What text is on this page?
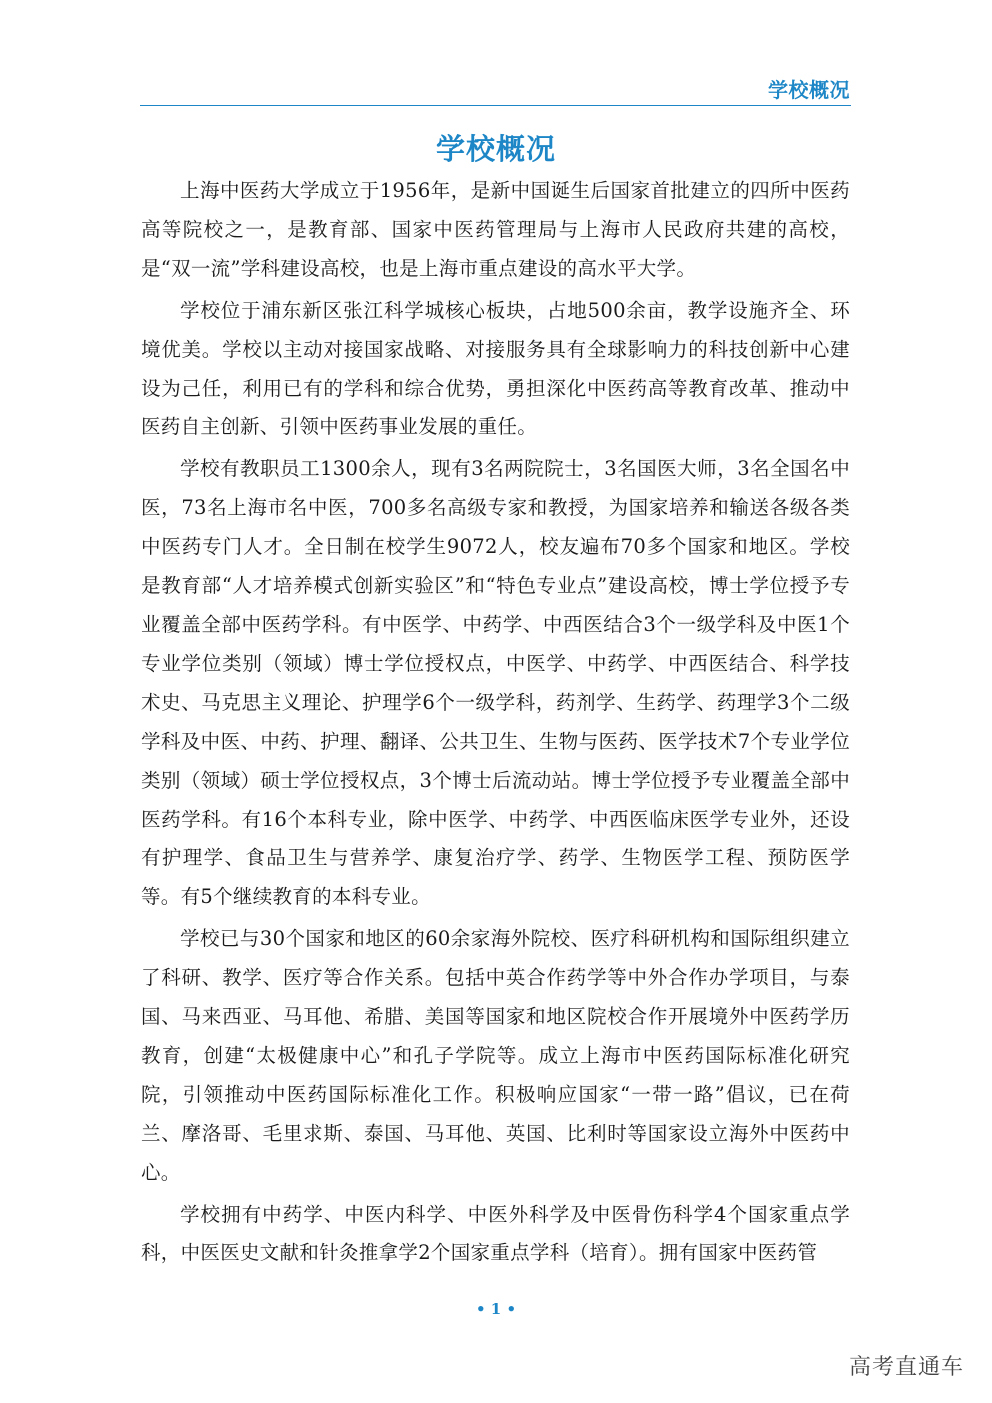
学校概况
学校概况

上海中医药大学成立于1956年，是新中国诞生后国家首批建立的四所中医药高等院校之一，是教育部、国家中医药管理局与上海市人民政府共建的高校，是“双一流”学科建设高校，也是上海市重点建设的高水平大学。

学校位于浦东新区张江科学城核心板块，占地500余亩，教学设施齐全、环境优美。学校以主动对接国家战略、对接服务具有全球影响力的科技创新中心建设为己任，利用已有的学科和综合优势，勇担深化中医药高等教育改革、推动中医药自主创新、引领中医药事业发展的重任。

学校有教职员工1300余人，现有3名两院院士，3名国医大师，3名全国名中医，73名上海市名中医，700多名高级专家和教授，为国家培养和输送各级各类中医药专门人才。全日制在校学生9072人，校友遍布70多个国家和地区。学校是教育部“人才培养模式创新实验区”和“特色专业点”建设高校，博士学位授予专业覆盖全部中医药学科。有中医学、中药学、中西医结合3个一级学科及中医1个专业学位类别（领域）博士学位授权点，中医学、中药学、中西医结合、科学技术史、马克思主义理论、护理学6个一级学科，药剂学、生药学、药理学3个二级学科及中医、中药、护理、翻译、公共卫生、生物与医药、医学技术7个专业学位类别（领域）硕士学位授权点，3个博士后流动站。博士学位授予专业覆盖全部中医药学科。有16个本科专业，除中医学、中药学、中西医临床医学专业外，还设有护理学、食品卫生与营养学、康复治疗学、药学、生物医学工程、预防医学等。有5个继续教育的本科专业。

学校已与30个国家和地区的60余家海外院校、医疗科研机构和国际组织建立了科研、教学、医疗等合作关系。包括中英合作药学等中外合作办学项目，与泰国、马来西亚、马耳他、希腊、美国等国家和地区院校合作开展境外中医药学历教育，创建“太极健康中心”和孔子学院等。成立上海市中医药国际标准化研究院，引领推动中医药国际标准化工作。积极响应国家“一带一路”倡议，已在荷兰、摩洛哥、毛里求斯、泰国、马耳他、英国、比利时等国家设立海外中医药中心。

学校拥有中药学、中医内科学、中医外科学及中医骨伤科学4个国家重点学科，中医医史文献和针灸推拿学2个国家重点学科（培育）。拥有国家中医药管

• 1 •
高考直通车
